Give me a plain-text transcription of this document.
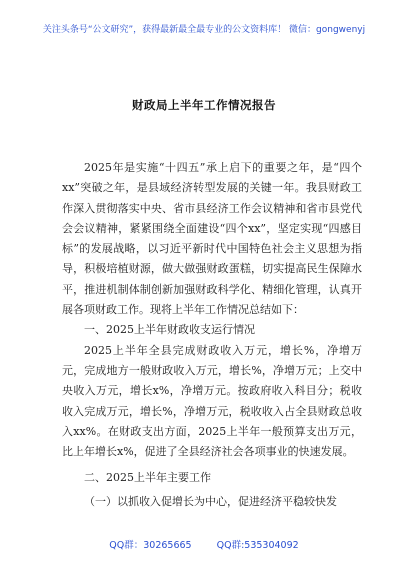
关注头条号“公文研究”，获得最新最全最专业的公文资料库！ 微信：gongwenyj
财政局上半年工作情况报告

2025年是实施“十四五”承上启下的重要之年，是“四个xx”突破之年，是县域经济转型发展的关键一年。我县财政工作深入贯彻落实中央、省市县经济工作会议精神和省市县党代会会议精神，紧紧围绕全面建设“四个xx”，坚定实现“四感目标”的发展战略，以习近平新时代中国特色社会主义思想为指导，积极培植财源，做大做强财政蛋糕，切实提高民生保障水平，推进机制体制创新加强财政科学化、精细化管理，认真开展各项财政工作。现将上半年工作情况总结如下：

一、2025上半年财政收支运行情况

2025上半年全县完成财政收入万元，增长%，净增万元，完成地方一般财政收入万元，增长%，净增万元；上交中央收入万元，增长x%，净增万元。按政府收入科目分；税收收入完成万元，增长%，净增万元，税收收入占全县财政总收入xx%。在财政支出方面，2025上半年一般预算支出万元，比上年增长x%，促进了全县经济社会各项事业的快速发展。

二、2025上半年主要工作

（一）以抓收入促增长为中心，促进经济平稳较快发

QQ群：30265665	QQ群:535304092
